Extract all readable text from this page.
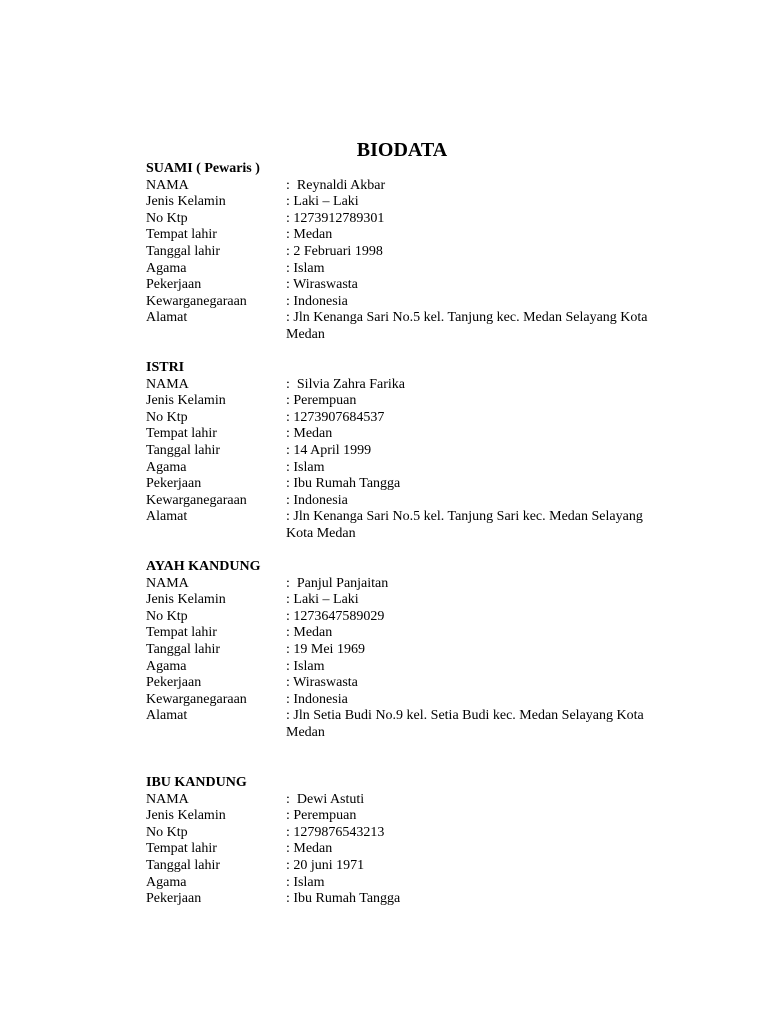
BIODATA
SUAMI ( Pewaris )
NAMA	:  Reynaldi Akbar
Jenis Kelamin	: Laki – Laki
No Ktp	: 1273912789301
Tempat lahir	: Medan
Tanggal lahir	: 2 Februari 1998
Agama	: Islam
Pekerjaan	: Wiraswasta
Kewarganegaraan	: Indonesia
Alamat	: Jln Kenanga Sari No.5 kel. Tanjung kec. Medan Selayang Kota Medan
ISTRI
NAMA	:  Silvia Zahra Farika
Jenis Kelamin	: Perempuan
No Ktp	: 1273907684537
Tempat lahir	: Medan
Tanggal lahir	: 14 April 1999
Agama	: Islam
Pekerjaan	: Ibu Rumah Tangga
Kewarganegaraan	: Indonesia
Alamat	: Jln Kenanga Sari No.5 kel. Tanjung Sari kec. Medan Selayang Kota Medan
AYAH KANDUNG
NAMA	:  Panjul Panjaitan
Jenis Kelamin	: Laki – Laki
No Ktp	: 1273647589029
Tempat lahir	: Medan
Tanggal lahir	: 19 Mei 1969
Agama	: Islam
Pekerjaan	: Wiraswasta
Kewarganegaraan	: Indonesia
Alamat	: Jln Setia Budi No.9 kel. Setia Budi kec. Medan Selayang Kota Medan
IBU KANDUNG
NAMA	:  Dewi Astuti
Jenis Kelamin	: Perempuan
No Ktp	: 1279876543213
Tempat lahir	: Medan
Tanggal lahir	: 20 juni 1971
Agama	: Islam
Pekerjaan	: Ibu Rumah Tangga
